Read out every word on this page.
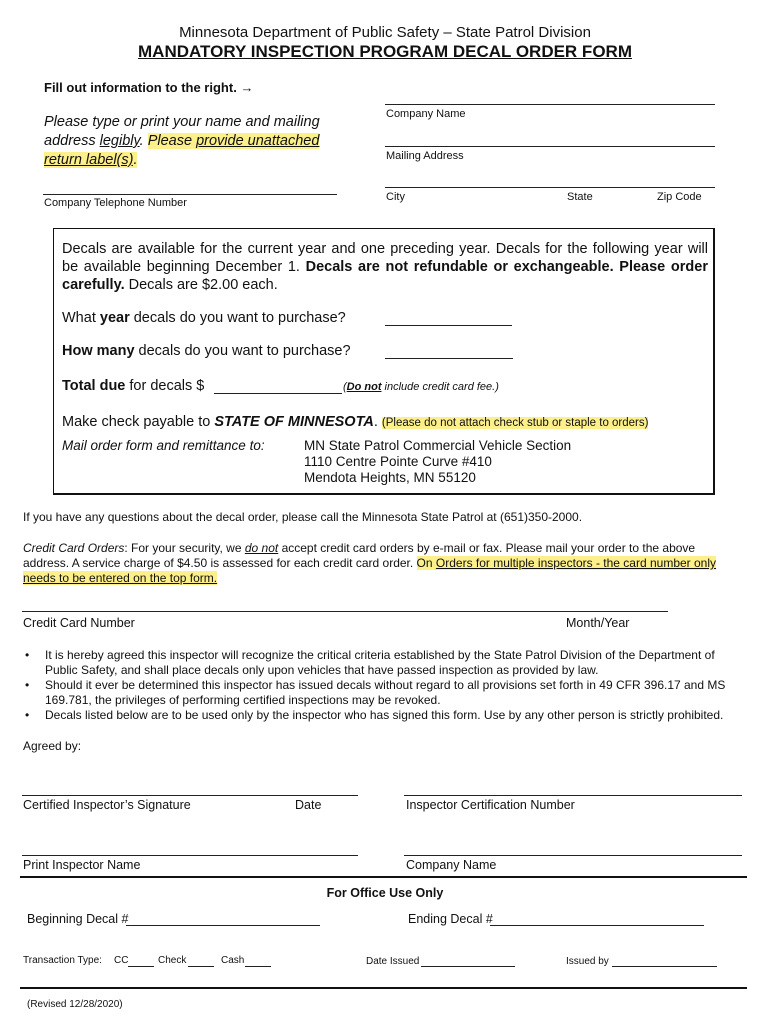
Minnesota Department of Public Safety – State Patrol Division
MANDATORY INSPECTION PROGRAM DECAL ORDER FORM
Fill out information to the right. →
Please type or print your name and mailing address legibly. Please provide unattached return label(s).
Company Name
Mailing Address
City	State	Zip Code
Company Telephone Number
Decals are available for the current year and one preceding year. Decals for the following year will be available beginning December 1. Decals are not refundable or exchangeable. Please order carefully. Decals are $2.00 each.
What year decals do you want to purchase?
How many decals do you want to purchase?
Total due for decals $	(Do not include credit card fee.)
Make check payable to STATE OF MINNESOTA. (Please do not attach check stub or staple to orders)
Mail order form and remittance to:	MN State Patrol Commercial Vehicle Section
1110 Centre Pointe Curve #410
Mendota Heights, MN 55120
If you have any questions about the decal order, please call the Minnesota State Patrol at (651)350-2000.
Credit Card Orders: For your security, we do not accept credit card orders by e-mail or fax. Please mail your order to the above address. A service charge of $4.50 is assessed for each credit card order. On Orders for multiple inspectors - the card number only needs to be entered on the top form.
Credit Card Number	Month/Year
• It is hereby agreed this inspector will recognize the critical criteria established by the State Patrol Division of the Department of Public Safety, and shall place decals only upon vehicles that have passed inspection as provided by law.
• Should it ever be determined this inspector has issued decals without regard to all provisions set forth in 49 CFR 396.17 and MS 169.781, the privileges of performing certified inspections may be revoked.
• Decals listed below are to be used only by the inspector who has signed this form. Use by any other person is strictly prohibited.
Agreed by:
Certified Inspector’s Signature	Date	Inspector Certification Number
Print Inspector Name	Company Name
For Office Use Only
Beginning Decal #	Ending Decal #
Transaction Type: CC	Check	Cash	Date Issued	Issued by
(Revised 12/28/2020)
